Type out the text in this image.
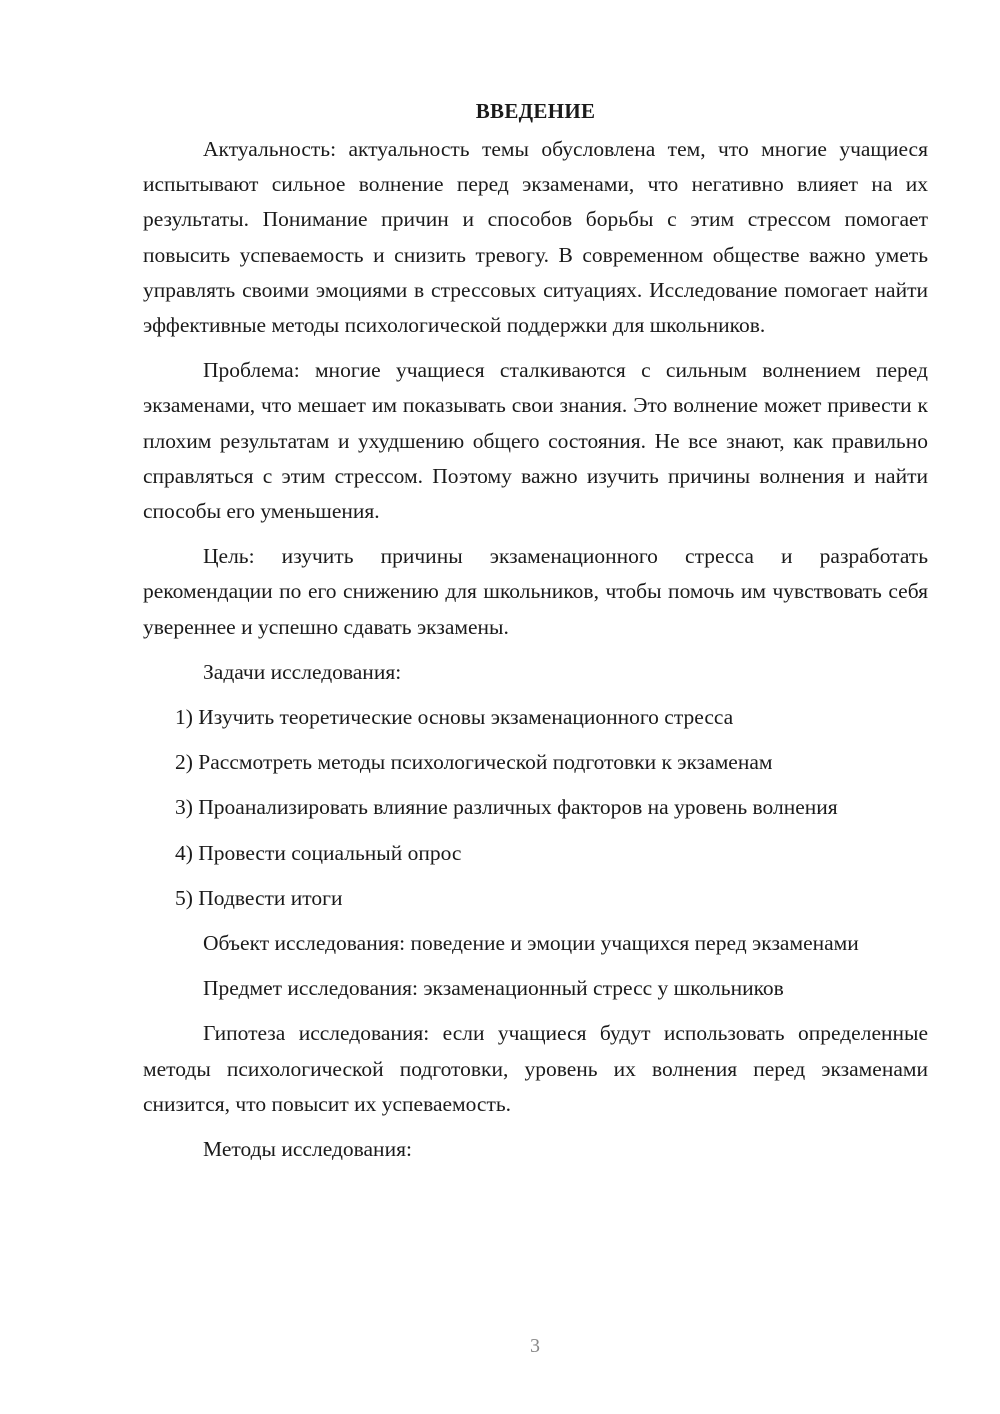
ВВЕДЕНИЕ

Актуальность: актуальность темы обусловлена тем, что многие учащиеся испытывают сильное волнение перед экзаменами, что негативно влияет на их результаты. Понимание причин и способов борьбы с этим стрессом помогает повысить успеваемость и снизить тревогу. В современном обществе важно уметь управлять своими эмоциями в стрессовых ситуациях. Исследование помогает найти эффективные методы психологической поддержки для школьников.

Проблема: многие учащиеся сталкиваются с сильным волнением перед экзаменами, что мешает им показывать свои знания. Это волнение может привести к плохим результатам и ухудшению общего состояния. Не все знают, как правильно справляться с этим стрессом. Поэтому важно изучить причины волнения и найти способы его уменьшения.

Цель: изучить причины экзаменационного стресса и разработать рекомендации по его снижению для школьников, чтобы помочь им чувствовать себя увереннее и успешно сдавать экзамены.

Задачи исследования:

1) Изучить теоретические основы экзаменационного стресса

2) Рассмотреть методы психологической подготовки к экзаменам

3) Проанализировать влияние различных факторов на уровень волнения

4) Провести социальный опрос

5) Подвести итоги

Объект исследования: поведение и эмоции учащихся перед экзаменами

Предмет исследования: экзаменационный стресс у школьников

Гипотеза исследования: если учащиеся будут использовать определенные методы психологической подготовки, уровень их волнения перед экзаменами снизится, что повысит их успеваемость.

Методы исследования:

3
